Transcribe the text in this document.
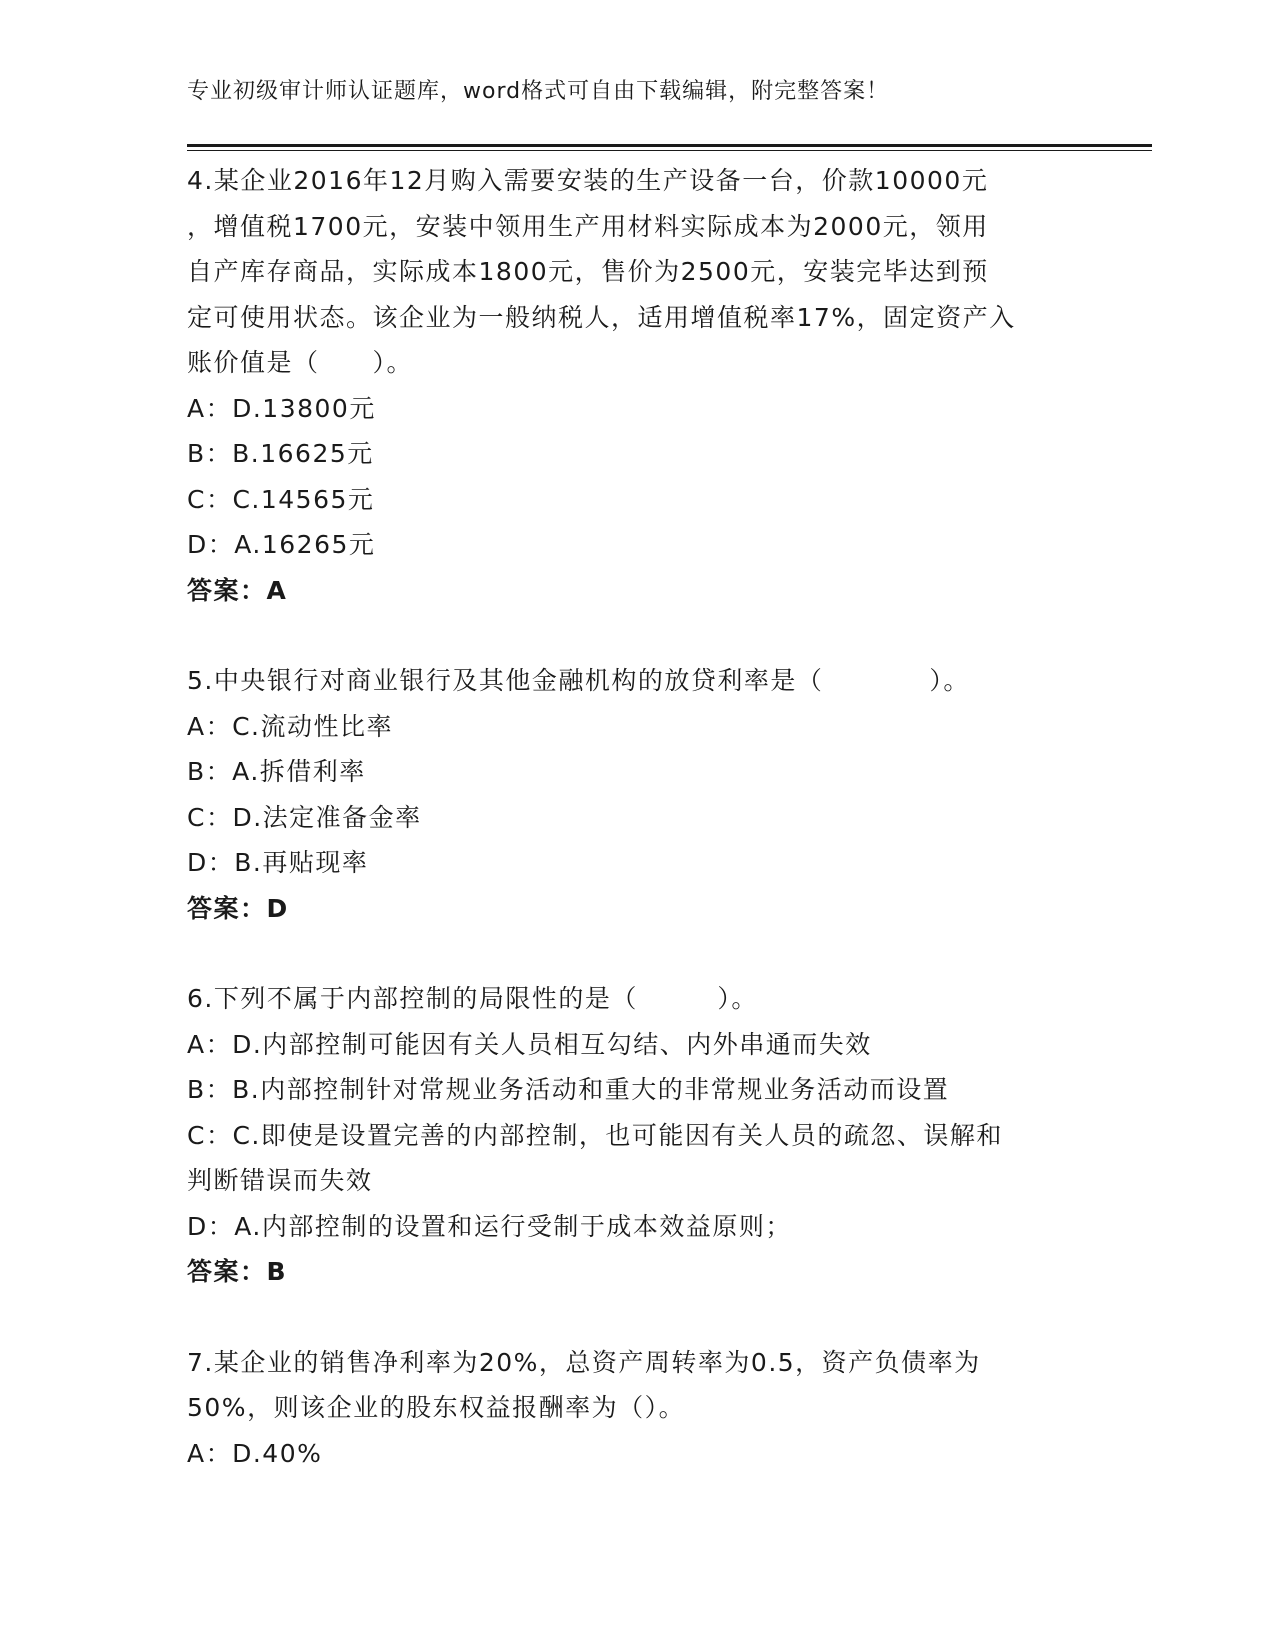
专业初级审计师认证题库，word格式可自由下载编辑，附完整答案！
4.某企业2016年12月购入需要安装的生产设备一台，价款10000元
，增值税1700元，安装中领用生产用材料实际成本为2000元，领用
自产库存商品，实际成本1800元，售价为2500元，安装完毕达到预
定可使用状态。该企业为一般纳税人，适用增值税率17%，固定资产入
账价值是（　　）。
A：D.13800元
B：B.16625元
C：C.14565元
D：A.16265元
答案：A
5.中央银行对商业银行及其他金融机构的放贷利率是（　　　　）。
A：C.流动性比率
B：A.拆借利率
C：D.法定准备金率
D：B.再贴现率
答案：D
6.下列不属于内部控制的局限性的是（　　　）。
A：D.内部控制可能因有关人员相互勾结、内外串通而失效
B：B.内部控制针对常规业务活动和重大的非常规业务活动而设置
C：C.即使是设置完善的内部控制，也可能因有关人员的疏忽、误解和
判断错误而失效
D：A.内部控制的设置和运行受制于成本效益原则；
答案：B
7.某企业的销售净利率为20%，总资产周转率为0.5，资产负债率为
50%，则该企业的股东权益报酬率为（）。
A：D.40%
